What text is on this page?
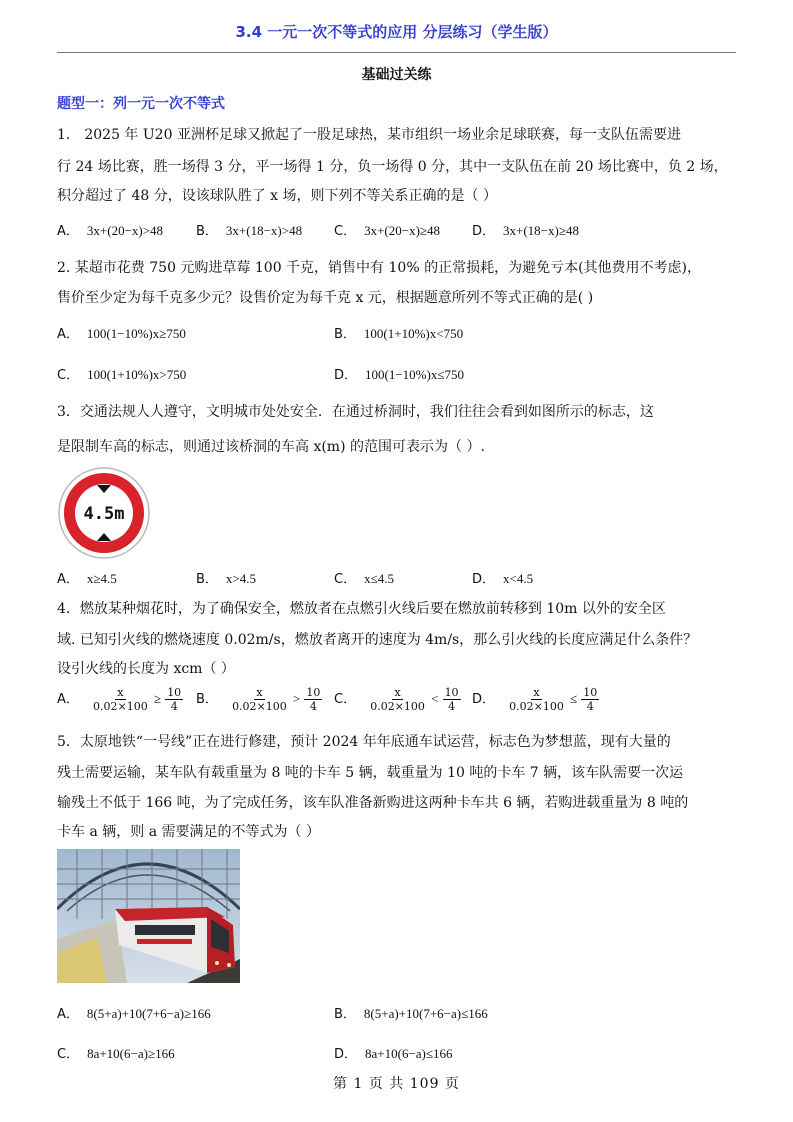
3.4 一元一次不等式的应用 分层练习（学生版）
基础过关练
题型一：列一元一次不等式
1． 2025 年 U20 亚洲杯足球又掀起了一股足球热，某市组织一场业余足球联赛，每一支队伍需要进
行 24 场比赛，胜一场得 3 分，平一场得 1 分，负一场得 0 分，其中一支队伍在前 20 场比赛中，负 2 场，
积分超过了 48 分，设该球队胜了 x 场，则下列不等关系正确的是（ ）
A． 3x+(20−x)>48	B． 3x+(18−x)>48 C． 3x+(20−x)≥48 D． 3x+(18−x)≥48
2. 某超市花费 750 元购进草莓 100 千克，销售中有 10% 的正常损耗，为避免亏本(其他费用不考虑)，
售价至少定为每千克多少元？设售价定为每千克 x 元，根据题意所列不等式正确的是( )
A． 100(1−10%)x≥750	B． 100(1+10%)x<750
C． 100(1+10%)x>750	D． 100(1−10%)x≤750
3．交通法规人人遵守，文明城市处处安全．在通过桥洞时，我们往往会看到如图所示的标志，这
是限制车高的标志，则通过该桥洞的车高 x(m) 的范围可表示为（ ）.
4.5m
A． x≥4.5	B． x>4.5	C． x≤4.5	D． x<4.5
4．燃放某种烟花时，为了确保安全，燃放者在点燃引火线后要在燃放前转移到 10m 以外的安全区
域. 已知引火线的燃烧速度 0.02m/s，燃放者离开的速度为 4m/s，那么引火线的长度应满足什么条件？
设引火线的长度为 xcm（ ）
A． $\frac{x}{0.02\times 100} \ge \frac{10}{4}$ B． $\frac{x}{0.02\times 100} > \frac{10}{4}$ C． $\frac{x}{0.02\times 100} < \frac{10}{4}$ D． $\frac{x}{0.02\times 100} \le \frac{10}{4}$
5．太原地铁“一号线”正在进行修建，预计 2024 年年底通车试运营，标志色为梦想蓝，现有大量的
残土需要运输，某车队有载重量为 8 吨的卡车 5 辆，载重量为 10 吨的卡车 7 辆，该车队需要一次运
输残土不低于 166 吨，为了完成任务，该车队准备新购进这两种卡车共 6 辆，若购进载重量为 8 吨的
卡车 a 辆，则 a 需要满足的不等式为（ ）
A． 8(5+a)+10(7+6−a)≥166	B． 8(5+a)+10(7+6−a)≤166
C． 8a+10(6−a)≥166	D． 8a+10(6−a)≤166
第 1 页 共 109 页
